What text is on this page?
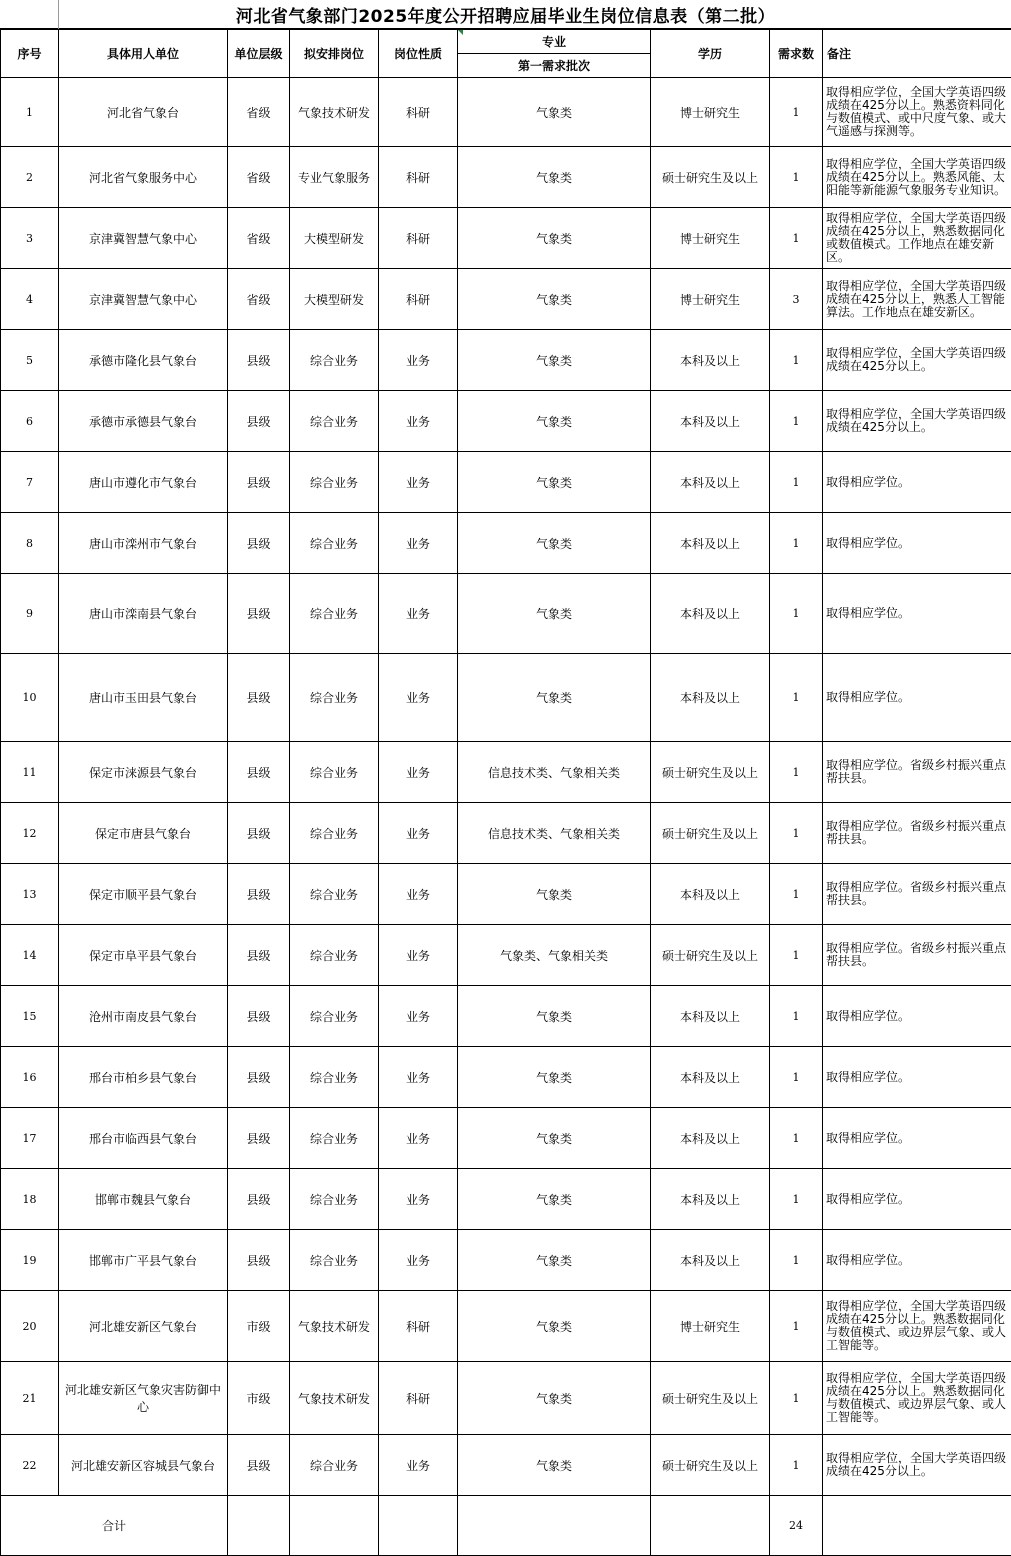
河北省气象部门2025年度公开招聘应届毕业生岗位信息表（第二批）
序号	具体用人单位	单位层级	拟安排岗位	岗位性质	专业	学历	需求数	备注
					第一需求批次			
1	河北省气象台	省级	气象技术研发	科研	气象类	博士研究生	1	取得相应学位，全国大学英语四级成绩在425分以上。熟悉资料同化与数值模式、或中尺度气象、或大气遥感与探测等。
2	河北省气象服务中心	省级	专业气象服务	科研	气象类	硕士研究生及以上	1	取得相应学位，全国大学英语四级成绩在425分以上。熟悉风能、太阳能等新能源气象服务专业知识。
3	京津冀智慧气象中心	省级	大模型研发	科研	气象类	博士研究生	1	取得相应学位，全国大学英语四级成绩在425分以上，熟悉数据同化或数值模式。工作地点在雄安新区。
4	京津冀智慧气象中心	省级	大模型研发	科研	气象类	博士研究生	3	取得相应学位，全国大学英语四级成绩在425分以上，熟悉人工智能算法。工作地点在雄安新区。
5	承德市隆化县气象台	县级	综合业务	业务	气象类	本科及以上	1	取得相应学位，全国大学英语四级成绩在425分以上。
6	承德市承德县气象台	县级	综合业务	业务	气象类	本科及以上	1	取得相应学位，全国大学英语四级成绩在425分以上。
7	唐山市遵化市气象台	县级	综合业务	业务	气象类	本科及以上	1	取得相应学位。
8	唐山市滦州市气象台	县级	综合业务	业务	气象类	本科及以上	1	取得相应学位。
9	唐山市滦南县气象台	县级	综合业务	业务	气象类	本科及以上	1	取得相应学位。
10	唐山市玉田县气象台	县级	综合业务	业务	气象类	本科及以上	1	取得相应学位。
11	保定市涞源县气象台	县级	综合业务	业务	信息技术类、气象相关类	硕士研究生及以上	1	取得相应学位。省级乡村振兴重点帮扶县。
12	保定市唐县气象台	县级	综合业务	业务	信息技术类、气象相关类	硕士研究生及以上	1	取得相应学位。省级乡村振兴重点帮扶县。
13	保定市顺平县气象台	县级	综合业务	业务	气象类	本科及以上	1	取得相应学位。省级乡村振兴重点帮扶县。
14	保定市阜平县气象台	县级	综合业务	业务	气象类、气象相关类	硕士研究生及以上	1	取得相应学位。省级乡村振兴重点帮扶县。
15	沧州市南皮县气象台	县级	综合业务	业务	气象类	本科及以上	1	取得相应学位。
16	邢台市柏乡县气象台	县级	综合业务	业务	气象类	本科及以上	1	取得相应学位。
17	邢台市临西县气象台	县级	综合业务	业务	气象类	本科及以上	1	取得相应学位。
18	邯郸市魏县气象台	县级	综合业务	业务	气象类	本科及以上	1	取得相应学位。
19	邯郸市广平县气象台	县级	综合业务	业务	气象类	本科及以上	1	取得相应学位。
20	河北雄安新区气象台	市级	气象技术研发	科研	气象类	博士研究生	1	取得相应学位，全国大学英语四级成绩在425分以上。熟悉数据同化与数值模式、或边界层气象、或人工智能等。
21	河北雄安新区气象灾害防御中心	市级	气象技术研发	科研	气象类	硕士研究生及以上	1	取得相应学位，全国大学英语四级成绩在425分以上。熟悉数据同化与数值模式、或边界层气象、或人工智能等。
22	河北雄安新区容城县气象台	县级	综合业务	业务	气象类	硕士研究生及以上	1	取得相应学位，全国大学英语四级成绩在425分以上。
合计							24	
